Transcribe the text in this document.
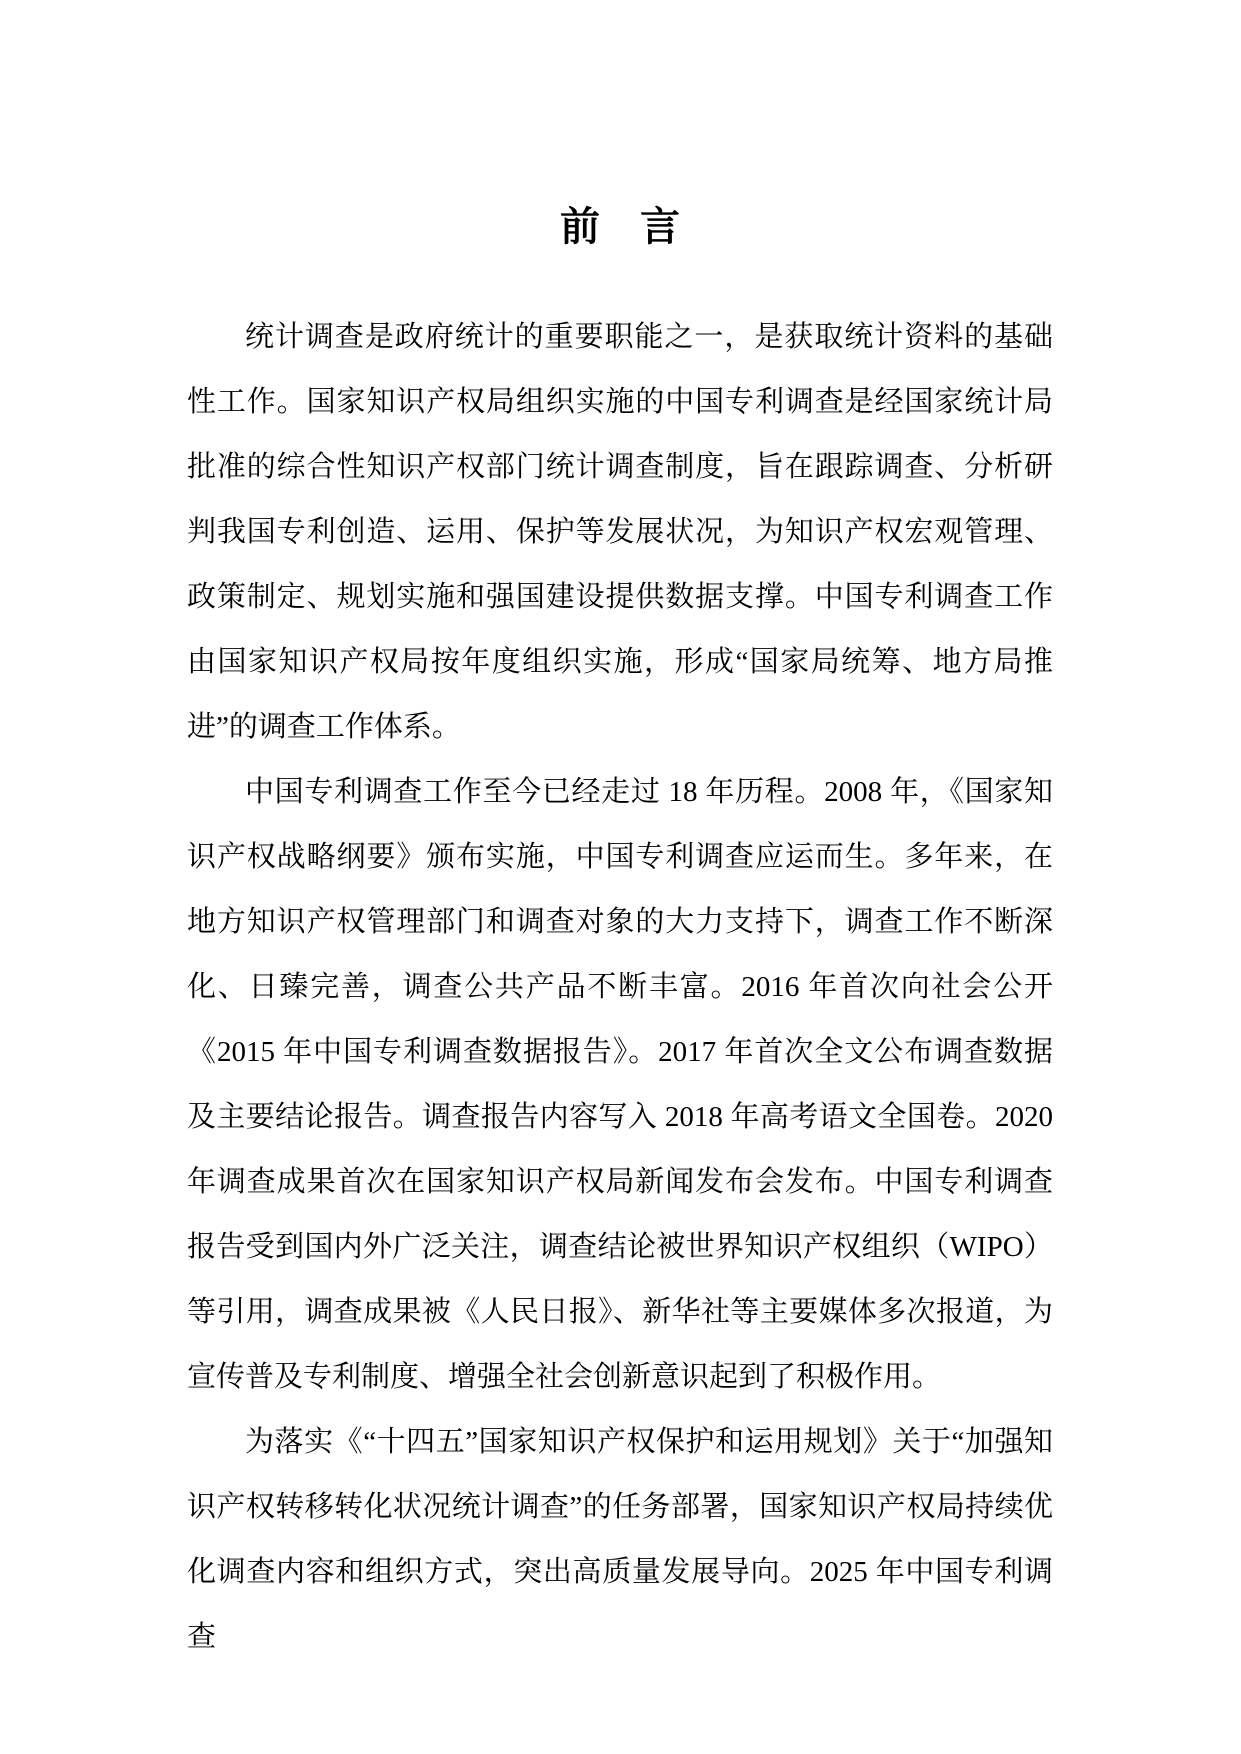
前　言

统计调查是政府统计的重要职能之一，是获取统计资料的基础性工作。国家知识产权局组织实施的中国专利调查是经国家统计局批准的综合性知识产权部门统计调查制度，旨在跟踪调查、分析研判我国专利创造、运用、保护等发展状况，为知识产权宏观管理、政策制定、规划实施和强国建设提供数据支撑。中国专利调查工作由国家知识产权局按年度组织实施，形成“国家局统筹、地方局推进”的调查工作体系。

中国专利调查工作至今已经走过 18 年历程。2008 年，《国家知识产权战略纲要》颁布实施，中国专利调查应运而生。多年来，在地方知识产权管理部门和调查对象的大力支持下，调查工作不断深化、日臻完善，调查公共产品不断丰富。2016 年首次向社会公开《2015 年中国专利调查数据报告》。2017 年首次全文公布调查数据及主要结论报告。调查报告内容写入 2018 年高考语文全国卷。2020 年调查成果首次在国家知识产权局新闻发布会发布。中国专利调查报告受到国内外广泛关注，调查结论被世界知识产权组织（WIPO）等引用，调查成果被《人民日报》、新华社等主要媒体多次报道，为宣传普及专利制度、增强全社会创新意识起到了积极作用。

为落实《“十四五”国家知识产权保护和运用规划》关于“加强知识产权转移转化状况统计调查”的任务部署，国家知识产权局持续优化调查内容和组织方式，突出高质量发展导向。2025 年中国专利调查
